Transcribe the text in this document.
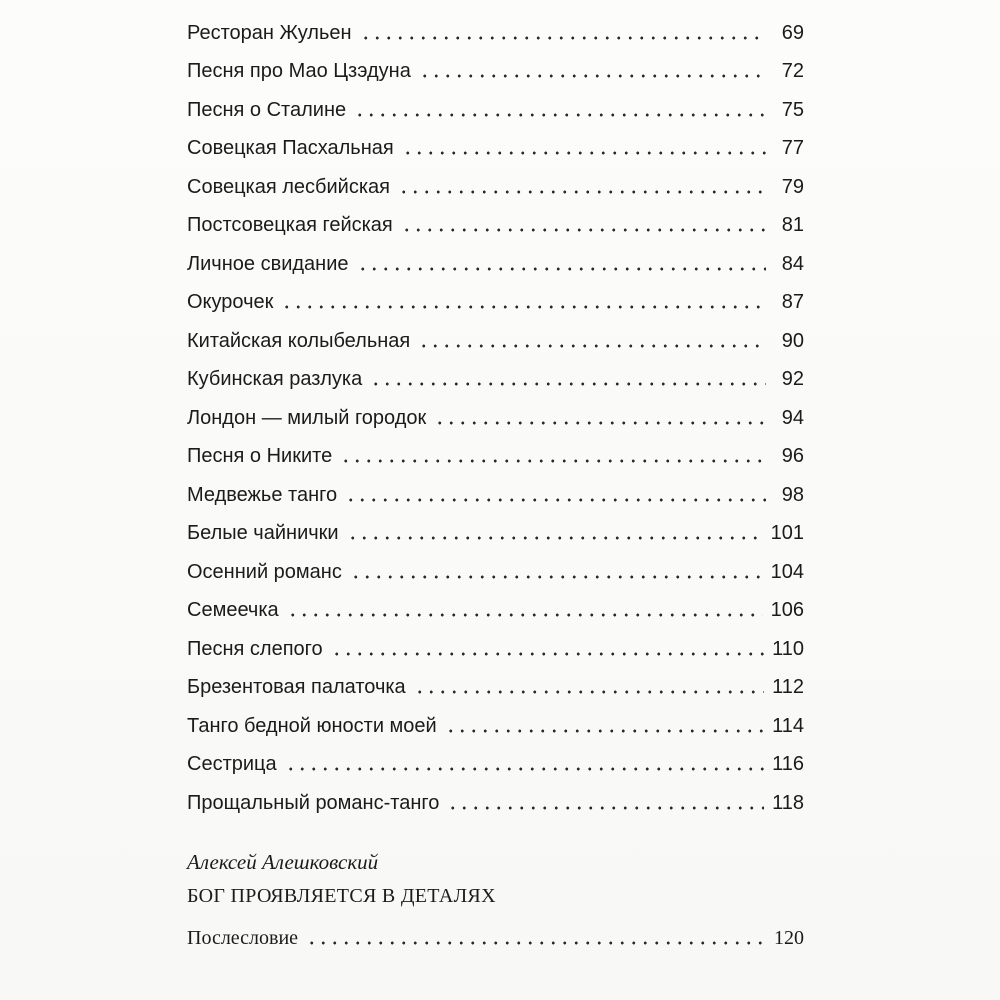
Ресторан Жульен	69
Песня про Мао Цзэдуна	72
Песня о Сталине	75
Совецкая Пасхальная	77
Совецкая лесбийская	79
Постсовецкая гейская	81
Личное свидание	84
Окурочек	87
Китайская колыбельная	90
Кубинская разлука	92
Лондон — милый городок	94
Песня о Никите	96
Медвежье танго	98
Белые чайнички	101
Осенний романс	104
Семеечка	106
Песня слепого	110
Брезентовая палаточка	112
Танго бедной юности моей	114
Сестрица	116
Прощальный романс-танго	118
Алексей Алешковский
БОГ ПРОЯВЛЯЕТСЯ В ДЕТАЛЯХ
Послесловие	120
